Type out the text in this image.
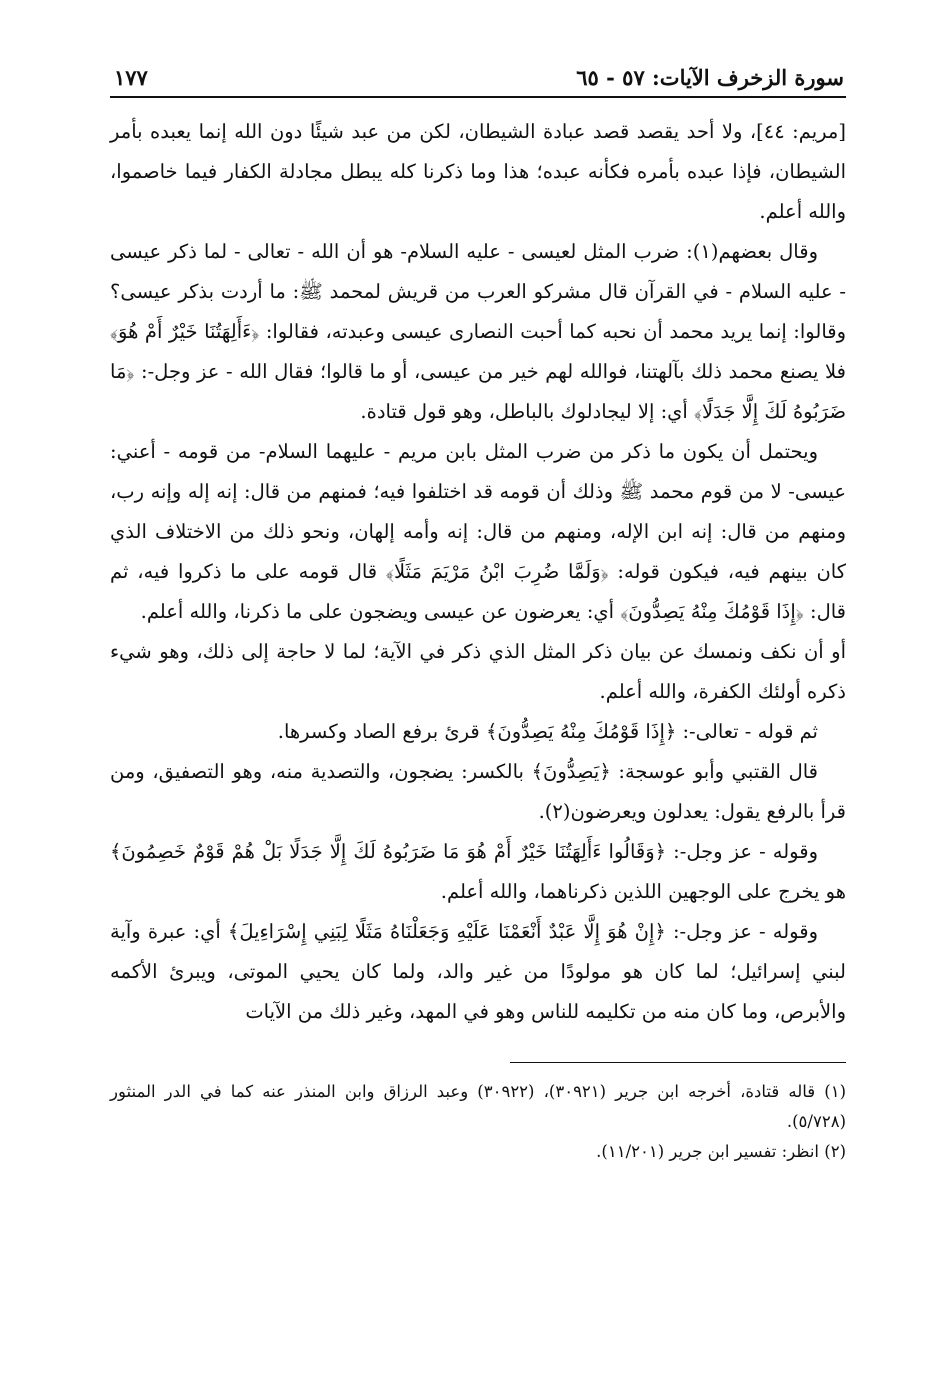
سورة الزخرف الآيات: ٥٧ - ٦٥
١٧٧

[مريم: ٤٤]، ولا أحد يقصد قصد عبادة الشيطان، لكن من عبد شيئًا دون الله إنما يعبده بأمر الشيطان، فإذا عبده بأمره فكأنه عبده؛ هذا وما ذكرنا كله يبطل مجادلة الكفار فيما خاصموا، والله أعلم.

وقال بعضهم(١): ضرب المثل لعيسى - عليه السلام- هو أن الله - تعالى - لما ذكر عيسى - عليه السلام - في القرآن قال مشركو العرب من قريش لمحمد ﷺ: ما أردت بذكر عيسى؟ وقالوا: إنما يريد محمد أن نحبه كما أحبت النصارى عيسى وعبدته، فقالوا: ﴿ءَأَلِهَتُنَا خَيْرٌ أَمْ هُوَ﴾ فلا يصنع محمد ذلك بآلهتنا، فوالله لهم خير من عيسى، أو ما قالوا؛ فقال الله - عز وجل-: ﴿مَا ضَرَبُوهُ لَكَ إِلَّا جَدَلًا﴾ أي: إلا ليجادلوك بالباطل، وهو قول قتادة.

ويحتمل أن يكون ما ذكر من ضرب المثل بابن مريم - عليهما السلام- من قومه - أعني: عيسى- لا من قوم محمد ﷺ وذلك أن قومه قد اختلفوا فيه؛ فمنهم من قال: إنه إله وإنه رب، ومنهم من قال: إنه ابن الإله، ومنهم من قال: إنه وأمه إلهان، ونحو ذلك من الاختلاف الذي كان بينهم فيه، فيكون قوله: ﴿وَلَمَّا ضُرِبَ ابْنُ مَرْيَمَ مَثَلًا﴾ قال قومه على ما ذكروا فيه، ثم قال: ﴿إِذَا قَوْمُكَ مِنْهُ يَصِدُّونَ﴾ أي: يعرضون عن عيسى ويضجون على ما ذكرنا، والله أعلم.

أو أن نكف ونمسك عن بيان ذكر المثل الذي ذكر في الآية؛ لما لا حاجة إلى ذلك، وهو شيء ذكره أولئك الكفرة، والله أعلم.

ثم قوله - تعالى-: ﴿إِذَا قَوْمُكَ مِنْهُ يَصِدُّونَ﴾ قرئ برفع الصاد وكسرها.

قال القتبي وأبو عوسجة: ﴿يَصِدُّونَ﴾ بالكسر: يضجون، والتصدية منه، وهو التصفيق، ومن قرأ بالرفع يقول: يعدلون ويعرضون(٢).

وقوله - عز وجل-: ﴿وَقَالُوا ءَأَلِهَتُنَا خَيْرٌ أَمْ هُوَ مَا ضَرَبُوهُ لَكَ إِلَّا جَدَلًا بَلْ هُمْ قَوْمٌ خَصِمُونَ﴾ هو يخرج على الوجهين اللذين ذكرناهما، والله أعلم.

وقوله - عز وجل-: ﴿إِنْ هُوَ إِلَّا عَبْدٌ أَنْعَمْنَا عَلَيْهِ وَجَعَلْنَاهُ مَثَلًا لِبَنِي إِسْرَاءِيلَ﴾ أي: عبرة وآية لبني إسرائيل؛ لما كان هو مولودًا من غير والد، ولما كان يحيي الموتى، ويبرئ الأكمه والأبرص، وما كان منه من تكليمه للناس وهو في المهد، وغير ذلك من الآيات

(١) قاله قتادة، أخرجه ابن جرير (٣٠٩٢١)، (٣٠٩٢٢) وعبد الرزاق وابن المنذر عنه كما في الدر المنثور (٥/٧٢٨).

(٢) انظر: تفسير ابن جرير (١١/٢٠١).
